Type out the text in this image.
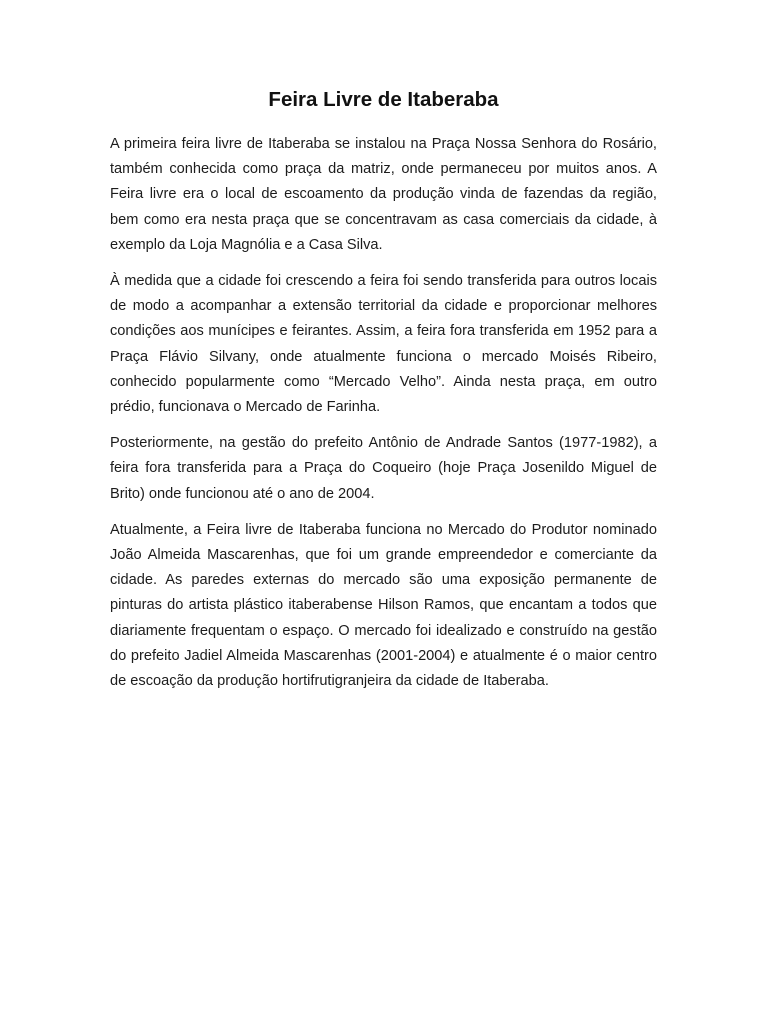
Feira Livre de Itaberaba

A primeira feira livre de Itaberaba se instalou na Praça Nossa Senhora do Rosário, também conhecida como praça da matriz, onde permaneceu por muitos anos. A Feira livre era o local de escoamento da produção vinda de fazendas da região, bem como era nesta praça que se concentravam as casa comerciais da cidade, à exemplo da Loja Magnólia e a Casa Silva.

À medida que a cidade foi crescendo a feira foi sendo transferida para outros locais de modo a acompanhar a extensão territorial da cidade e proporcionar melhores condições aos munícipes e feirantes. Assim, a feira fora transferida em 1952 para a Praça Flávio Silvany, onde atualmente funciona o mercado Moisés Ribeiro, conhecido popularmente como “Mercado Velho”. Ainda nesta praça, em outro prédio, funcionava o Mercado de Farinha.

Posteriormente, na gestão do prefeito Antônio de Andrade Santos (1977-1982), a feira fora transferida para a Praça do Coqueiro (hoje Praça Josenildo Miguel de Brito) onde funcionou até o ano de 2004.

Atualmente, a Feira livre de Itaberaba funciona no Mercado do Produtor nominado João Almeida Mascarenhas, que foi um grande empreendedor e comerciante da cidade. As paredes externas do mercado são uma exposição permanente de pinturas do artista plástico itaberabense Hilson Ramos, que encantam a todos que diariamente frequentam o espaço. O mercado foi idealizado e construído na gestão do prefeito Jadiel Almeida Mascarenhas (2001-2004) e atualmente é o maior centro de escoação da produção hortifrutigranjeira da cidade de Itaberaba.
